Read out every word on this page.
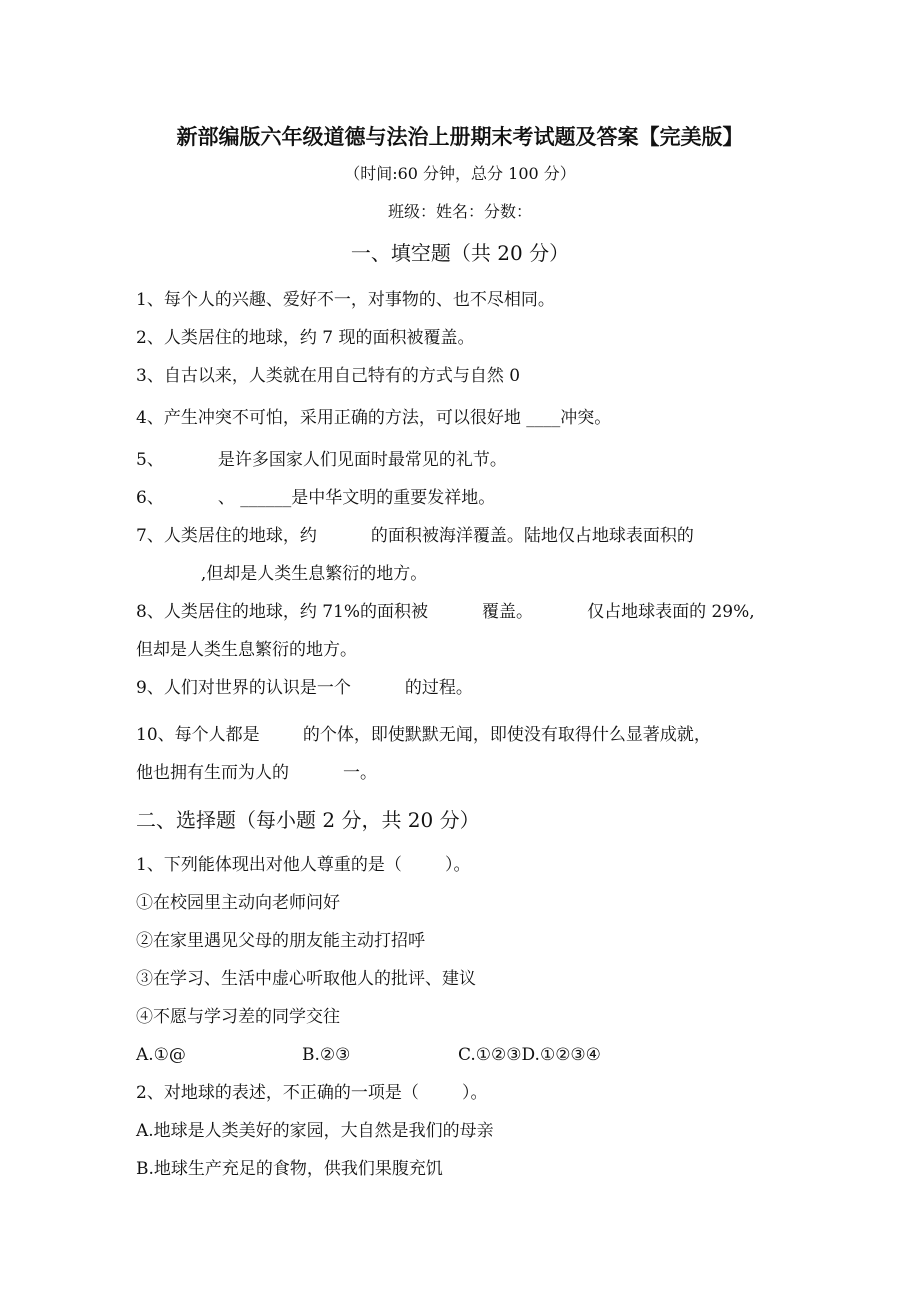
新部编版六年级道德与法治上册期末考试题及答案【完美版】
（时间:60 分钟，总分 100 分）
班级：姓名：分数：
一、填空题（共 20 分）
1、每个人的兴趣、爱好不一，对事物的、也不尽相同。
2、人类居住的地球，约 7 现的面积被覆盖。
3、自古以来，人类就在用自己特有的方式与自然 0
4、产生冲突不可怕，采用正确的方法，可以很好地 ____冲突。
5、          是许多国家人们见面时最常见的礼节。
6、          、 ______是中华文明的重要发祥地。
7、人类居住的地球，约          的面积被海洋覆盖。陆地仅占地球表面积的
,但却是人类生息繁衍的地方。
8、人类居住的地球，约 71%的面积被          覆盖。          仅占地球表面的 29%,
但却是人类生息繁衍的地方。
9、人们对世界的认识是一个          的过程。
10、每个人都是        的个体，即使默默无闻，即使没有取得什么显著成就，
他也拥有生而为人的          一。
二、选择题（每小题 2 分，共 20 分）
1、下列能体现出对他人尊重的是（        ）。
①在校园里主动向老师问好
②在家里遇见父母的朋友能主动打招呼
③在学习、生活中虚心听取他人的批评、建议
④不愿与学习差的同学交往
A.①@	B.②③	C.①②③D.①②③④
2、对地球的表述，不正确的一项是（        ）。
A.地球是人类美好的家园，大自然是我们的母亲
B.地球生产充足的食物，供我们果腹充饥
